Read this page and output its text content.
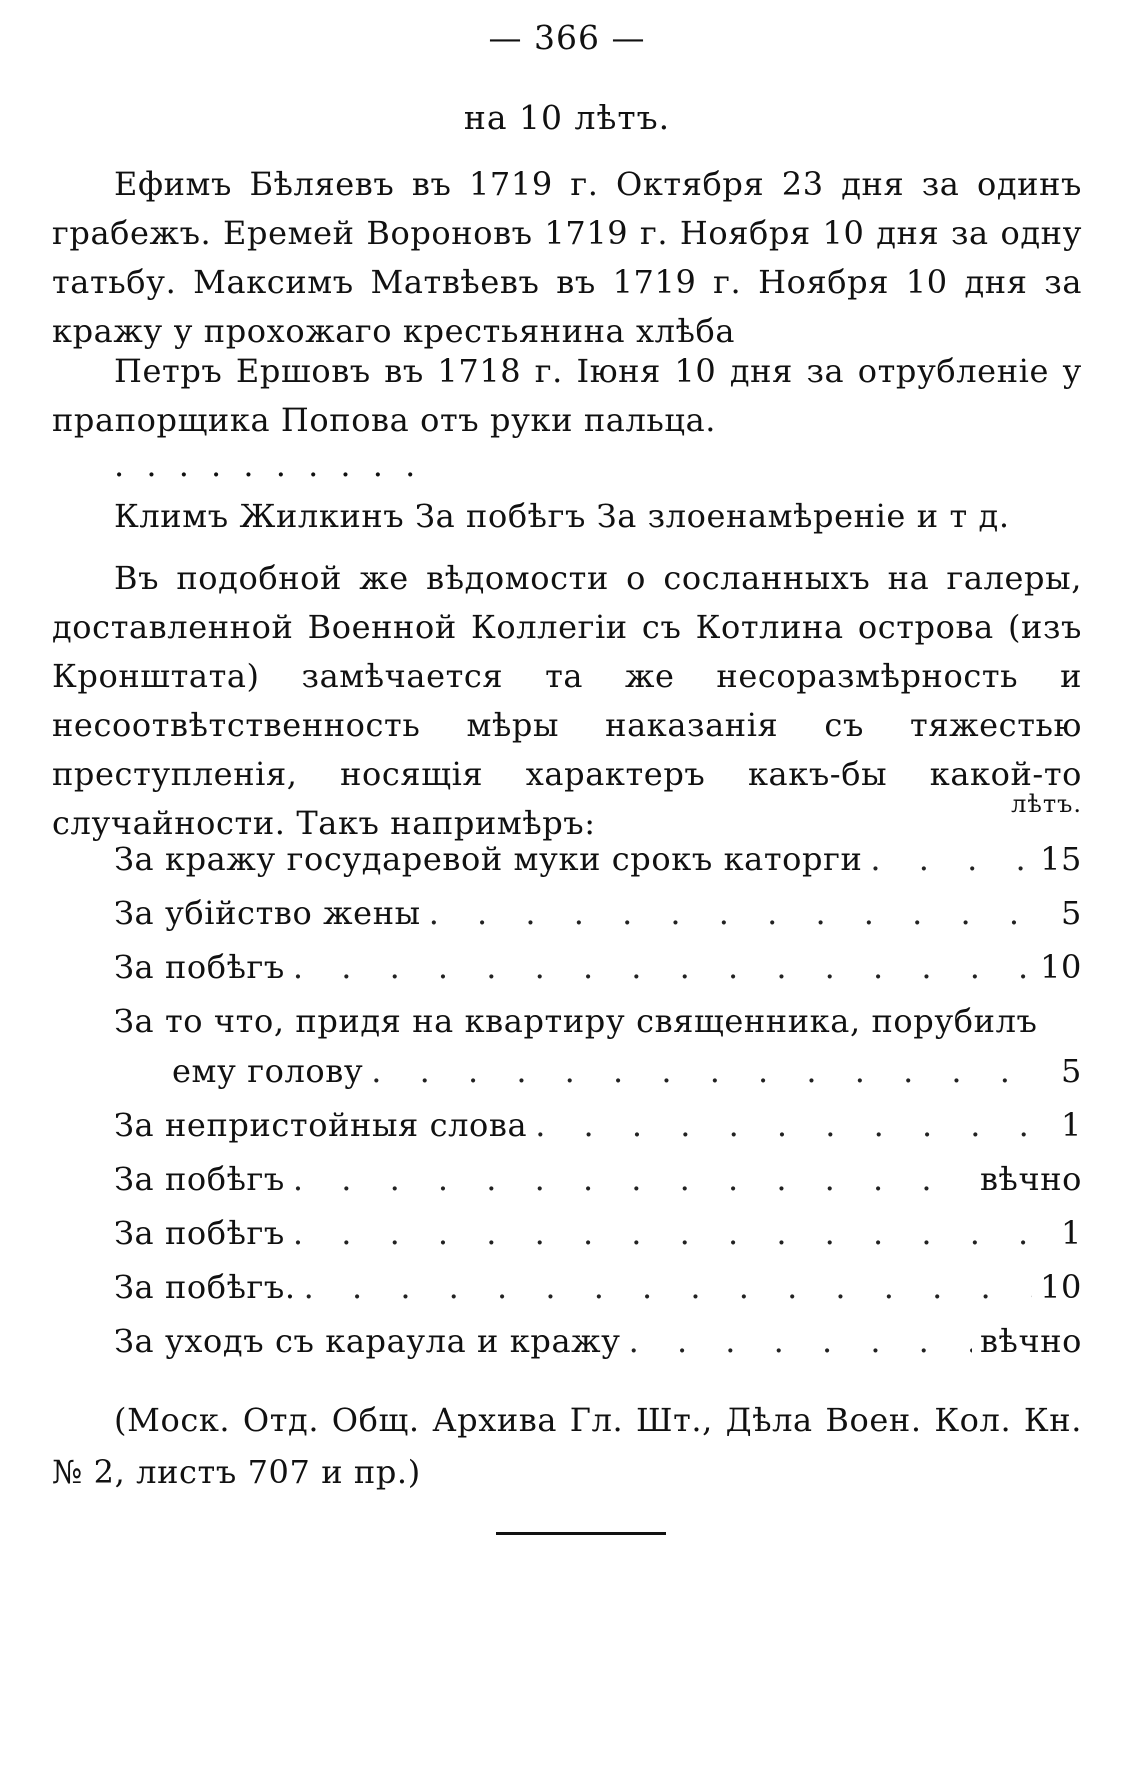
— 366 —
на 10 лѣтъ.

Ефимъ Бѣляевъ въ 1719 г. Октября 23 дня за одинъ грабежъ. Еремей Вороновъ 1719 г. Ноября 10 дня за одну татьбу. Максимъ Матвѣевъ въ 1719 г. Ноября 10 дня за кражу у прохожаго крестьянина хлѣба

Петръ Ершовъ въ 1718 г. Іюня 10 дня за отрубленіе у прапорщика Попова отъ руки пальца.

. . . . . . . . . .

Климъ Жилкинъ За побѣгъ За злоенамѣреніе и т д.

Въ подобной же вѣдомости о сосланныхъ на галеры, доставленной Военной Коллегіи съ Котлина острова (изъ Кронштата) замѣчается та же несоразмѣрность и несоотвѣтственность мѣры наказанія съ тяжестью преступленія, носящія характеръ какъ-бы какой-то случайности. Такъ напримѣръ:	лѣтъ.
За кражу государевой муки срокъ каторги . . .	15
За убійство жены . . .	5
За побѣгъ . . .	10
За то что, придя на квартиру священника, порубилъ
ему голову . . .	5
За непристойныя слова . . .	1
За побѣгъ . . .	вѣчно
За побѣгъ . . .	1
За побѣгъ. . . .	10
За уходъ съ караула и кражу . . .	вѣчно

(Моск. Отд. Общ. Архива Гл. Шт., Дѣла Воен. Кол. Кн. № 2, листъ 707 и пр.)
